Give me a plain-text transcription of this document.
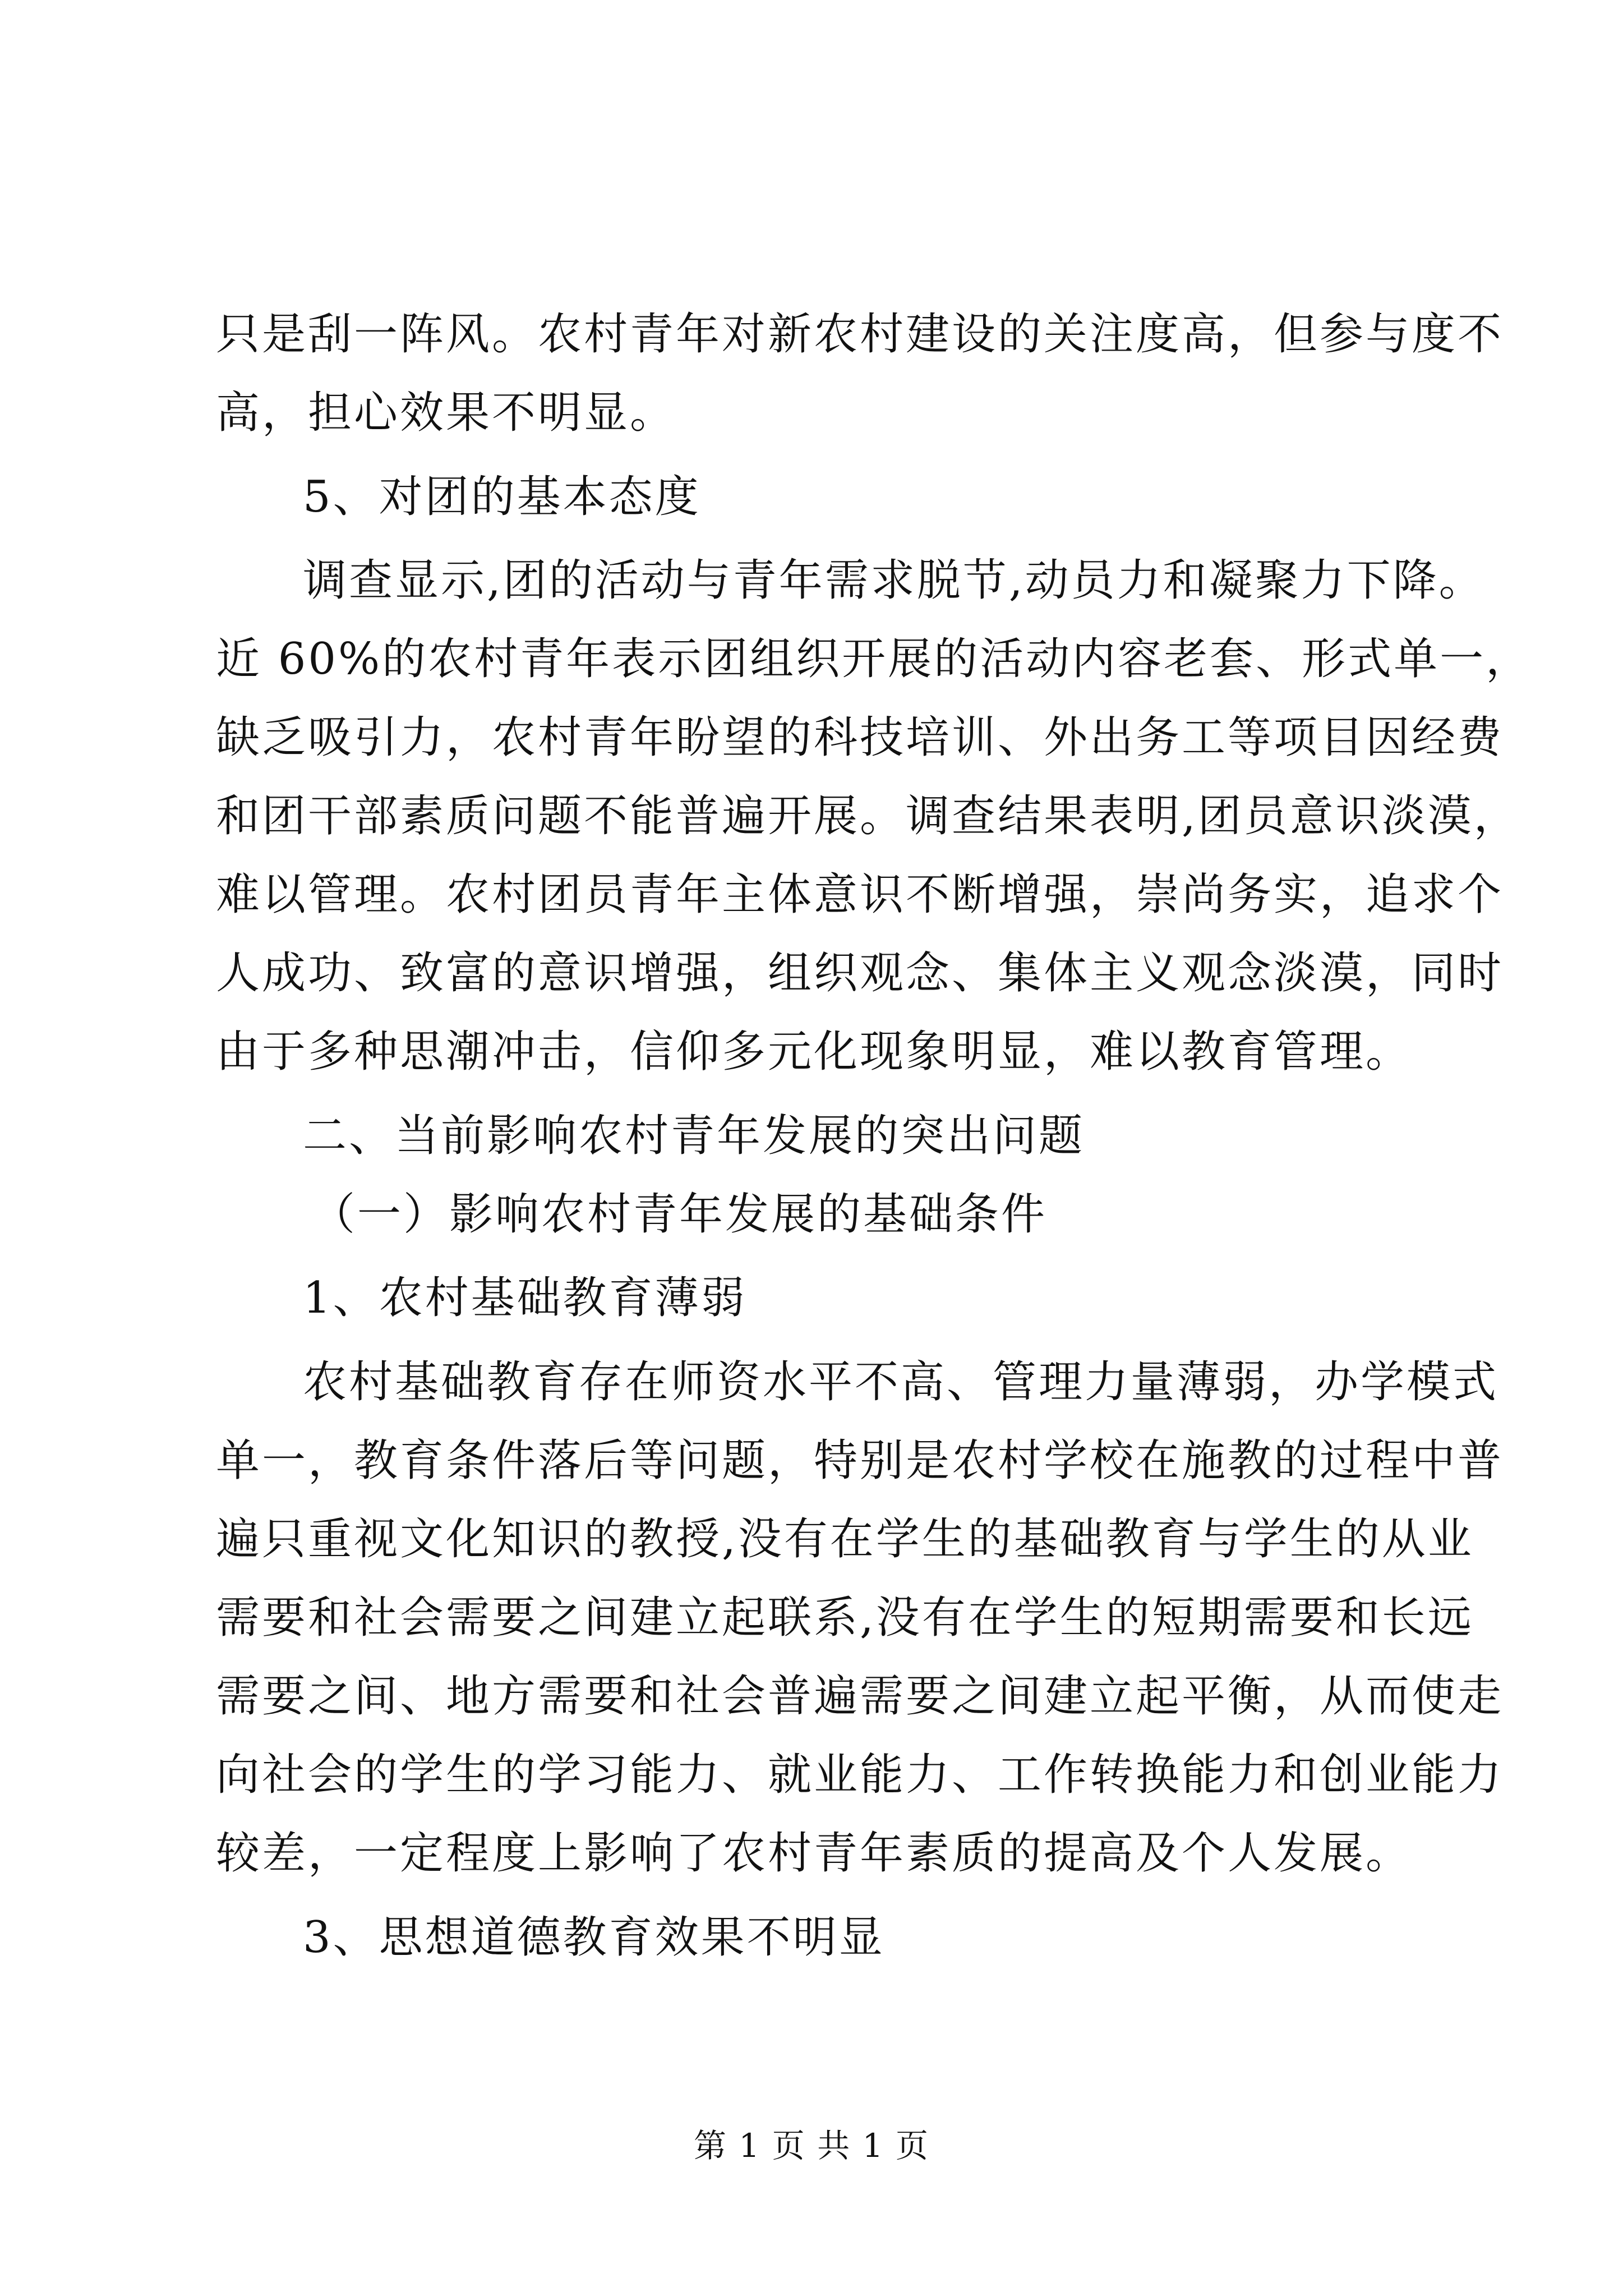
只是刮一阵风。农村青年对新农村建设的关注度高，但参与度不
高，担心效果不明显。
5、对团的基本态度
调查显示,团的活动与青年需求脱节,动员力和凝聚力下降。
近 60%的农村青年表示团组织开展的活动内容老套、形式单一，
缺乏吸引力，农村青年盼望的科技培训、外出务工等项目因经费
和团干部素质问题不能普遍开展。调查结果表明,团员意识淡漠，
难以管理。农村团员青年主体意识不断增强，崇尚务实，追求个
人成功、致富的意识增强，组织观念、集体主义观念淡漠，同时
由于多种思潮冲击，信仰多元化现象明显，难以教育管理。
二、当前影响农村青年发展的突出问题
（一）影响农村青年发展的基础条件
1、农村基础教育薄弱
农村基础教育存在师资水平不高、管理力量薄弱，办学模式
单一，教育条件落后等问题，特别是农村学校在施教的过程中普
遍只重视文化知识的教授,没有在学生的基础教育与学生的从业
需要和社会需要之间建立起联系,没有在学生的短期需要和长远
需要之间、地方需要和社会普遍需要之间建立起平衡，从而使走
向社会的学生的学习能力、就业能力、工作转换能力和创业能力
较差，一定程度上影响了农村青年素质的提高及个人发展。
3、思想道德教育效果不明显
第 1 页 共 1 页
